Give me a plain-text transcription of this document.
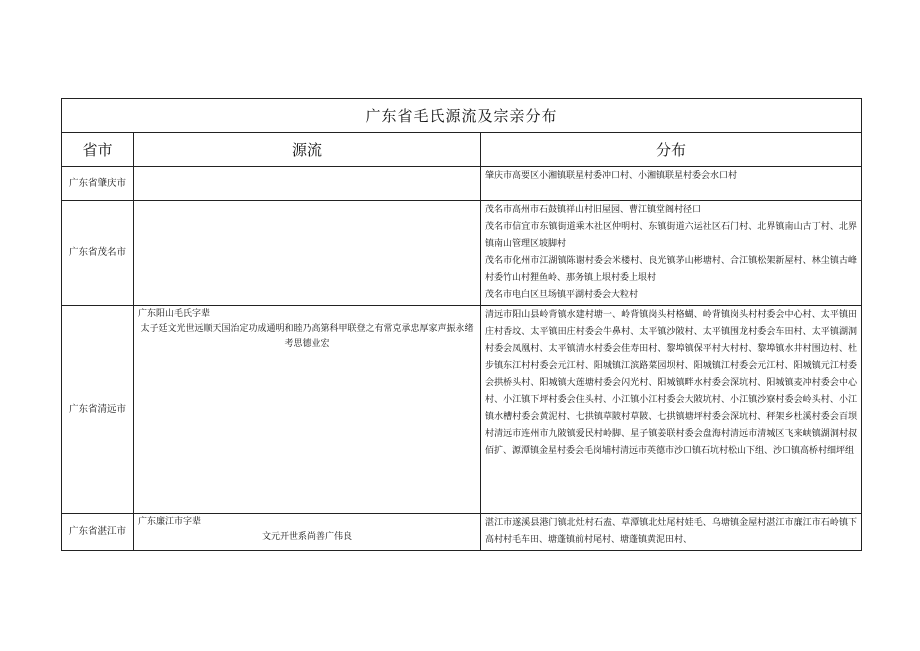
广东省毛氏源流及宗亲分布		
省市	源流	分布
广东省肇庆市		肇庆市高要区小湘镇联星村委冲口村、小湘镇联星村委会水口村

广东省茂名市		茂名市高州市石鼓镇祥山村旧屋园、曹江镇堂阁村径口
茂名市信宜市东镇街道乘木社区仲明村、东镇街道六运社区石门村、北界镇南山古丁村、北界镇南山管理区坡脚村
茂名市化州市江湖镇陈谢村委会米楼村、良光镇茅山彬塘村、合江镇松架新屋村、林尘镇古峰村委竹山村狸鱼岭、那务镇上垠村委上垠村
茂名市电白区旦场镇平湖村委会大粒村

广东省清远市	广东阳山毛氏字辈
太子廷文光世远顺天国治定功成通明和睦乃高第科甲联登之有常克承忠厚家声振永绪考思德业宏	清远市阳山县岭背镇水建村塘一、岭背镇岗头村格蝴、岭背镇岗头村村委会中心村、太平镇田庄村香坟、太平镇田庄村委会牛鼻村、太平镇沙陂村、太平镇围龙村委会车田村、太平镇湖洞村委会凤凰村、太平镇清水村委会佳寿田村、黎埠镇保平村大村村、黎埠镇水井村围边村、杜步镇东江村村委会元江村、阳城镇江滨路菜园坝村、阳城镇江村委会元江村、阳城镇元江村委会拱桥头村、阳城镇大莲塘村委会闪光村、阳城镇畔水村委会深坑村、阳城镇麦冲村委会中心村、小江镇下坪村委会住头村、小江镇小江村委会大陂坑村、小江镇沙寮村委会岭头村、小江镇水槽村委会黄泥村、七拱镇草陂村草陂、七拱镇塘坪村委会深坑村、秤架乡杜溪村委会百坝村清远市连州市九陂镇爱民村岭脚、星子镇姜联村委会盘海村清远市清城区飞来峡镇湖洞村叔佰扩、源潭镇金星村委会毛岗埔村清远市英德市沙口镇石坑村松山下组、沙口镇高桥村细坪组

广东省湛江市	广东廉江市字辈
文元开世系尚善广伟良	湛江市遂溪县港门镇北灶村石盍、草潭镇北灶尾村娃毛、乌塘镇金屋村湛江市廉江市石岭镇下高村村毛车田、塘蓬镇前村尾村、塘蓬镇黄泥田村、
